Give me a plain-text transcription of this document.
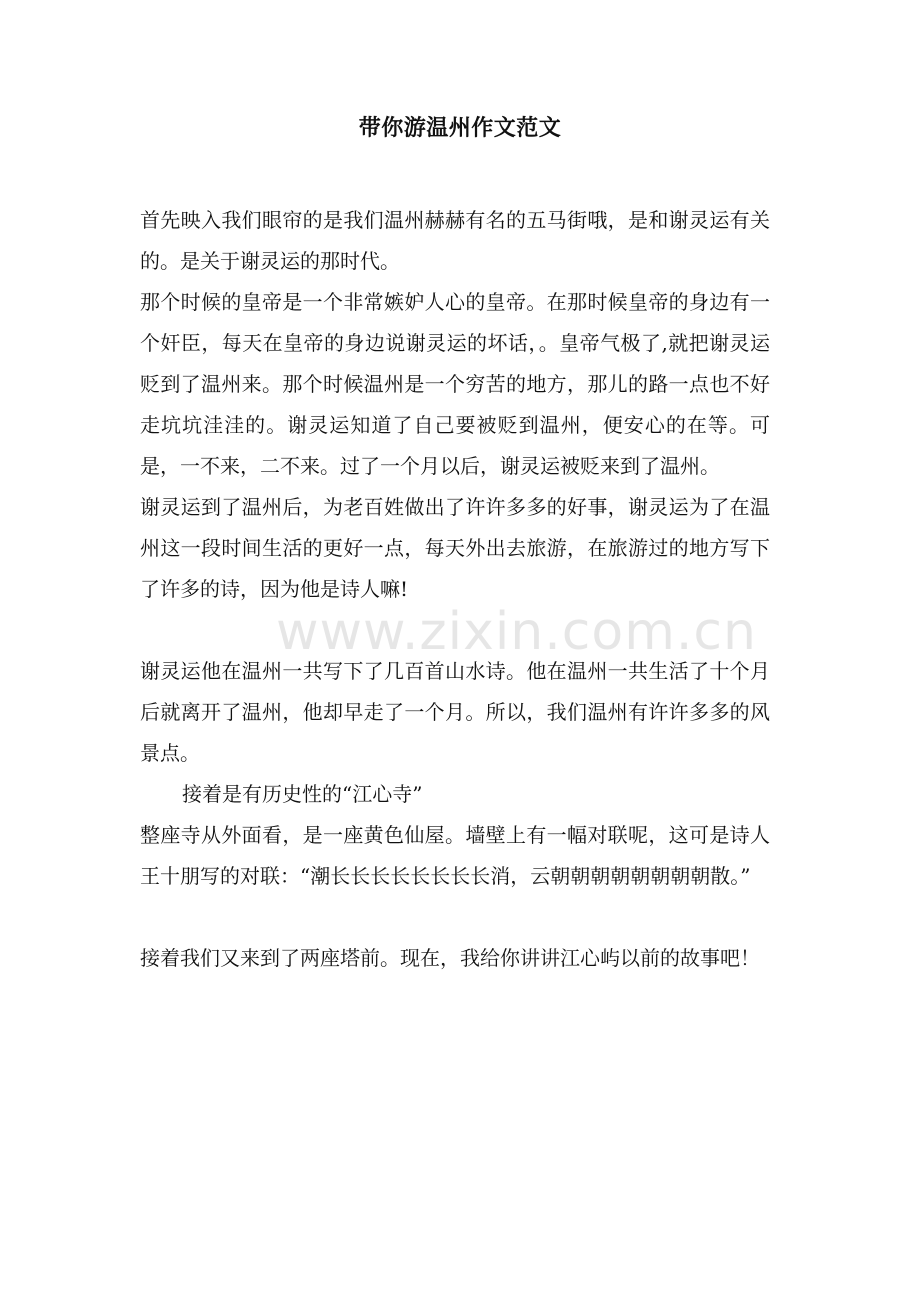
带你游温州作文范文

首先映入我们眼帘的是我们温州赫赫有名的五马街哦，是和谢灵运有关的。是关于谢灵运的那时代。

那个时候的皇帝是一个非常嫉妒人心的皇帝。在那时候皇帝的身边有一个奸臣，每天在皇帝的身边说谢灵运的坏话，。皇帝气极了,就把谢灵运贬到了温州来。那个时候温州是一个穷苦的地方，那儿的路一点也不好走坑坑洼洼的。谢灵运知道了自己要被贬到温州，便安心的在等。可是，一不来，二不来。过了一个月以后，谢灵运被贬来到了温州。

谢灵运到了温州后，为老百姓做出了许许多多的好事，谢灵运为了在温州这一段时间生活的更好一点，每天外出去旅游，在旅游过的地方写下了许多的诗，因为他是诗人嘛!

谢灵运他在温州一共写下了几百首山水诗。他在温州一共生活了十个月后就离开了温州，他却早走了一个月。所以，我们温州有许许多多的风景点。

接着是有历史性的“江心寺”

整座寺从外面看，是一座黄色仙屋。墙壁上有一幅对联呢，这可是诗人王十朋写的对联：“潮长长长长长长长长消，云朝朝朝朝朝朝朝朝散。”

接着我们又来到了两座塔前。现在，我给你讲讲江心屿以前的故事吧！

www.zixin.com.cn
